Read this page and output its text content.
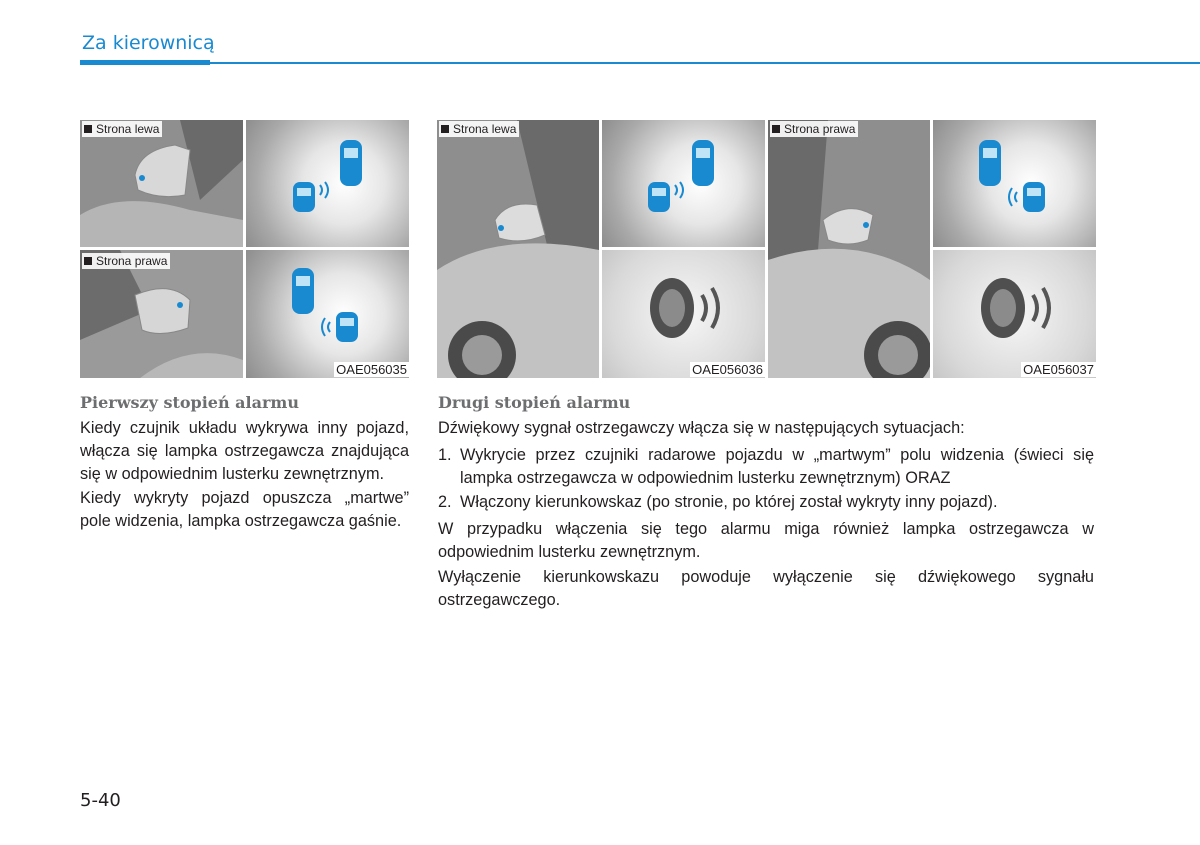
Za kierownicą
Strona lewa
Strona prawa
OAE056035
Strona lewa
OAE056036
Strona prawa
OAE056037
Pierwszy stopień alarmu

Kiedy czujnik układu wykrywa inny pojazd, włącza się lampka ostrzegawcza znajdująca się w odpowiednim lusterku zewnętrznym.

Kiedy wykryty pojazd opuszcza „martwe” pole widzenia, lampka ostrzegawcza gaśnie.

Drugi stopień alarmu

Dźwiękowy sygnał ostrzegawczy włącza się w następujących sytuacjach:

1. Wykrycie przez czujniki radarowe pojazdu w „martwym” polu widzenia (świeci się lampka ostrzegawcza w odpowiednim lusterku zewnętrznym) ORAZ
2. Włączony kierunkowskaz (po stronie, po której został wykryty inny pojazd).

W przypadku włączenia się tego alarmu miga również lampka ostrzegawcza w odpowiednim lusterku zewnętrznym.

Wyłączenie kierunkowskazu powoduje wyłączenie się dźwiękowego sygnału ostrzegawczego.

5-40
